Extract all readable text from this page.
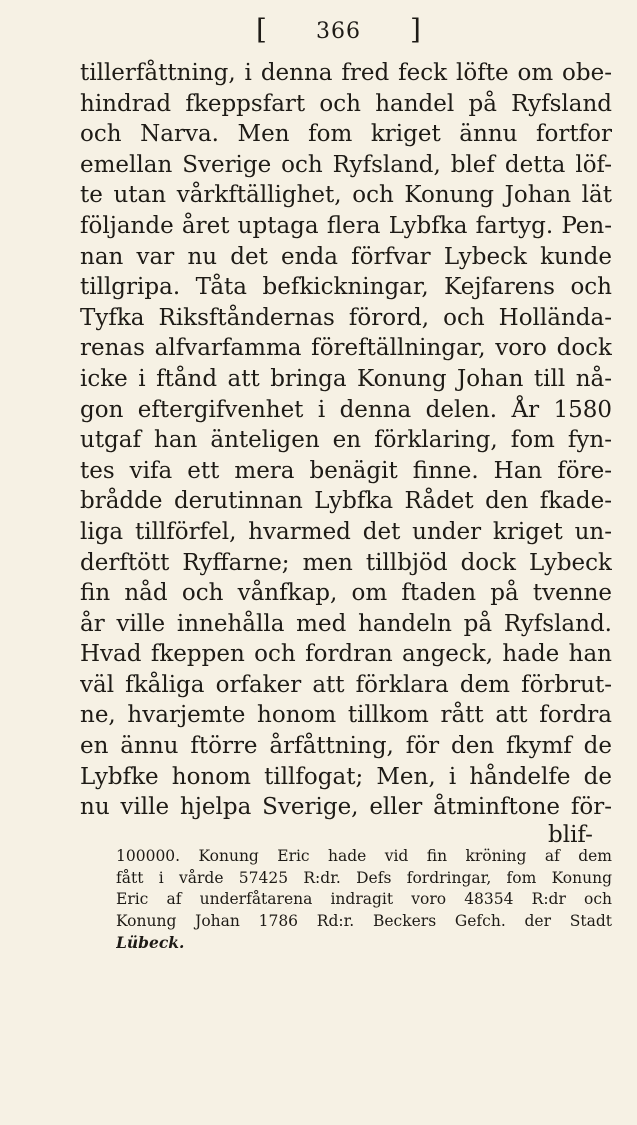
[ 366 ]
tillerfåttning, i denna fred feck löfte om obe-
hindrad fkeppsfart och handel på Ryfsland
och Narva. Men fom kriget ännu fortfor
emellan Sverige och Ryfsland, blef detta löf-
te utan vårkftällighet, och Konung Johan lät
följande året uptaga flera Lybfka fartyg. Pen-
nan var nu det enda förfvar Lybeck kunde
tillgripa. Tåta befkickningar, Kejfarens och
Tyfka Riksftåndernas förord, och Hollända-
renas alfvarfamma föreftällningar, voro dock
icke i ftånd att bringa Konung Johan till nå-
gon eftergifvenhet i denna delen. År 1580
utgaf han änteligen en förklaring, fom fyn-
tes vifa ett mera benägit finne. Han före-
brådde derutinnan Lybfka Rådet den fkade-
liga tillförfel, hvarmed det under kriget un-
derftött Ryffarne; men tillbjöd dock Lybeck
fin nåd och vånfkap, om ftaden på tvenne
år ville innehålla med handeln på Ryfsland.
Hvad fkeppen och fordran angeck, hade han
väl fkåliga orfaker att förklara dem förbrut-
ne, hvarjemte honom tillkom rått att fordra
en ännu ftörre årfåttning, för den fkymf de
Lybfke honom tillfogat; Men, i håndelfe de
nu ville hjelpa Sverige, eller åtminftone för-
blif-
100000. Konung Eric hade vid fin kröning af dem
fått i vårde 57425 R:dr. Defs fordringar, fom Konung
Eric af underfåtarena indragit voro 48354 R:dr och
Konung Johan 1786 Rd:r. Beckers Gefch. der Stadt
Lübeck.
